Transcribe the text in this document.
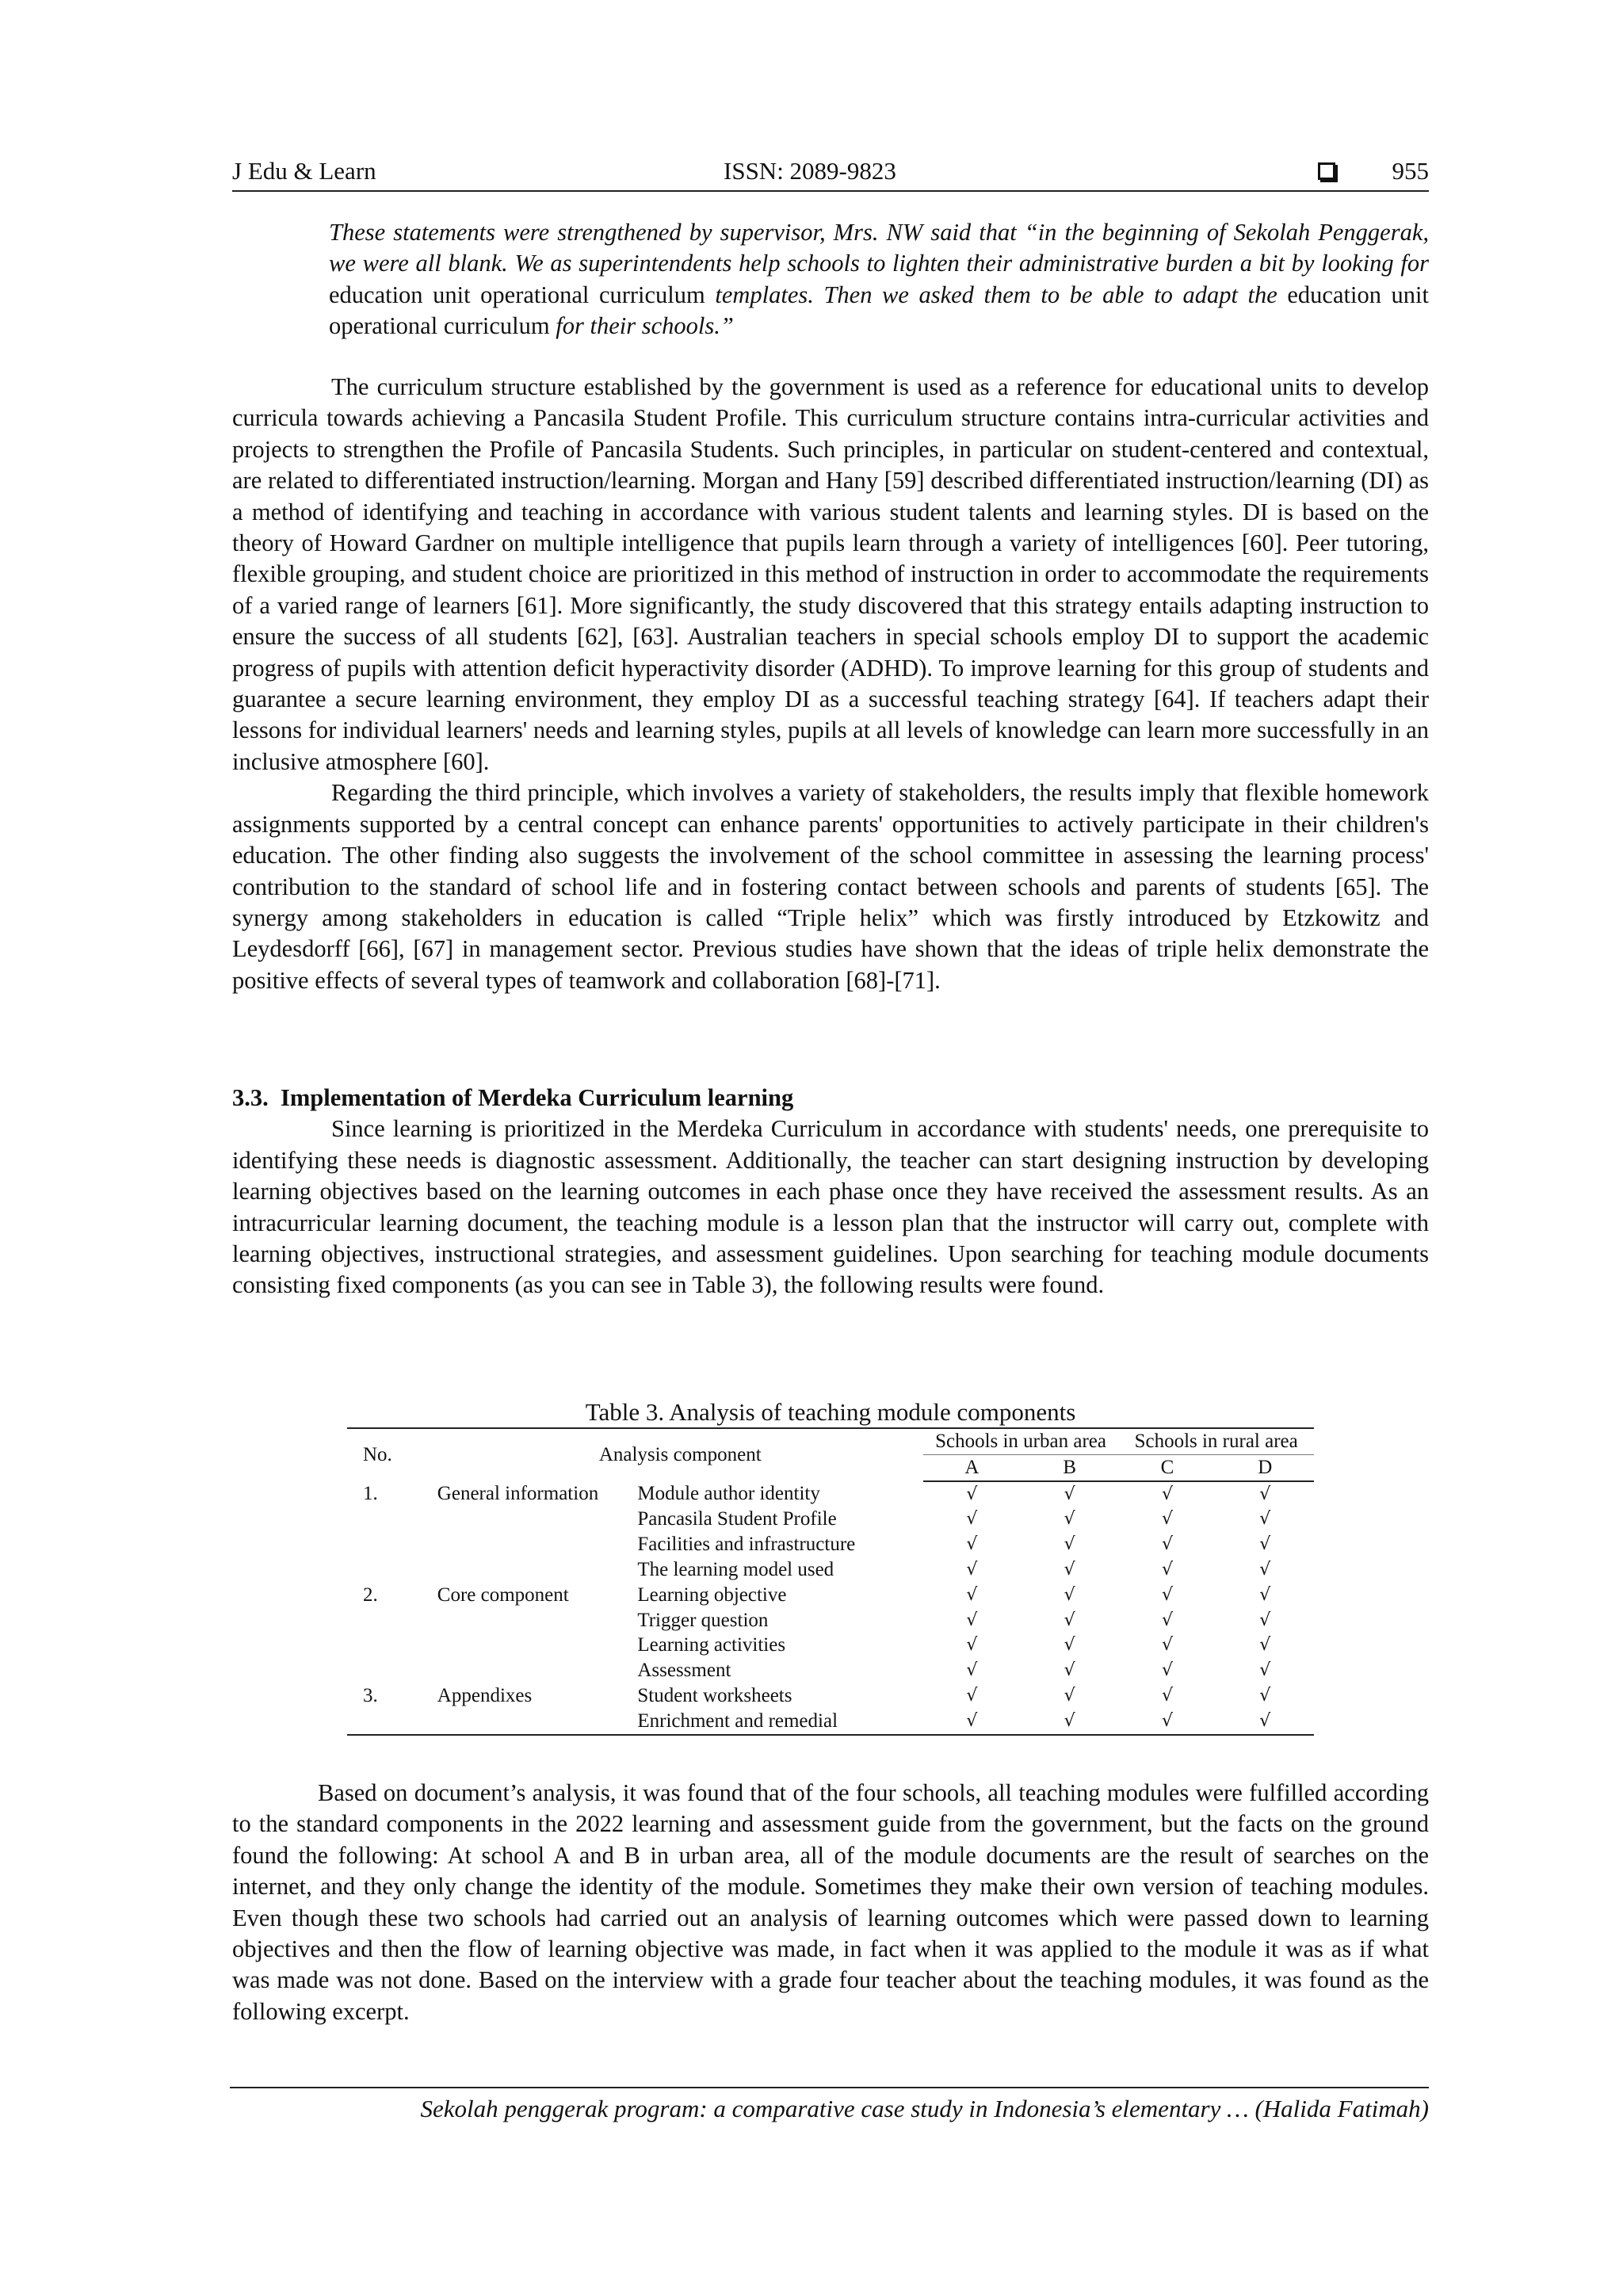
J Edu & Learn	ISSN: 2089-9823	955

These statements were strengthened by supervisor, Mrs. NW said that “in the beginning of Sekolah Penggerak, we were all blank. We as superintendents help schools to lighten their administrative burden a bit by looking for education unit operational curriculum templates. Then we asked them to be able to adapt the education unit operational curriculum for their schools.”

The curriculum structure established by the government is used as a reference for educational units to develop curricula towards achieving a Pancasila Student Profile. This curriculum structure contains intra-curricular activities and projects to strengthen the Profile of Pancasila Students. Such principles, in particular on student-centered and contextual, are related to differentiated instruction/learning. Morgan and Hany [59] described differentiated instruction/learning (DI) as a method of identifying and teaching in accordance with various student talents and learning styles. DI is based on the theory of Howard Gardner on multiple intelligence that pupils learn through a variety of intelligences [60]. Peer tutoring, flexible grouping, and student choice are prioritized in this method of instruction in order to accommodate the requirements of a varied range of learners [61]. More significantly, the study discovered that this strategy entails adapting instruction to ensure the success of all students [62], [63]. Australian teachers in special schools employ DI to support the academic progress of pupils with attention deficit hyperactivity disorder (ADHD). To improve learning for this group of students and guarantee a secure learning environment, they employ DI as a successful teaching strategy [64]. If teachers adapt their lessons for individual learners' needs and learning styles, pupils at all levels of knowledge can learn more successfully in an inclusive atmosphere [60].

Regarding the third principle, which involves a variety of stakeholders, the results imply that flexible homework assignments supported by a central concept can enhance parents' opportunities to actively participate in their children's education. The other finding also suggests the involvement of the school committee in assessing the learning process' contribution to the standard of school life and in fostering contact between schools and parents of students [65]. The synergy among stakeholders in education is called “Triple helix” which was firstly introduced by Etzkowitz and Leydesdorff [66], [67] in management sector. Previous studies have shown that the ideas of triple helix demonstrate the positive effects of several types of teamwork and collaboration [68]-[71].

3.3.  Implementation of Merdeka Curriculum learning

Since learning is prioritized in the Merdeka Curriculum in accordance with students' needs, one prerequisite to identifying these needs is diagnostic assessment. Additionally, the teacher can start designing instruction by developing learning objectives based on the learning outcomes in each phase once they have received the assessment results. As an intracurricular learning document, the teaching module is a lesson plan that the instructor will carry out, complete with learning objectives, instructional strategies, and assessment guidelines. Upon searching for teaching module documents consisting fixed components (as you can see in Table 3), the following results were found.

Table 3. Analysis of teaching module components
No.	Analysis component		Schools in urban area		Schools in rural area	
			A	B	C	D
1.	General information	Module author identity	√	√	√	√
		Pancasila Student Profile	√	√	√	√
		Facilities and infrastructure	√	√	√	√
		The learning model used	√	√	√	√
2.	Core component	Learning objective	√	√	√	√
		Trigger question	√	√	√	√
		Learning activities	√	√	√	√
		Assessment	√	√	√	√
3.	Appendixes	Student worksheets	√	√	√	√
		Enrichment and remedial	√	√	√	√

Based on document’s analysis, it was found that of the four schools, all teaching modules were fulfilled according to the standard components in the 2022 learning and assessment guide from the government, but the facts on the ground found the following: At school A and B in urban area, all of the module documents are the result of searches on the internet, and they only change the identity of the module. Sometimes they make their own version of teaching modules. Even though these two schools had carried out an analysis of learning outcomes which were passed down to learning objectives and then the flow of learning objective was made, in fact when it was applied to the module it was as if what was made was not done. Based on the interview with a grade four teacher about the teaching modules, it was found as the following excerpt.

Sekolah penggerak program: a comparative case study in Indonesia’s elementary … (Halida Fatimah)
